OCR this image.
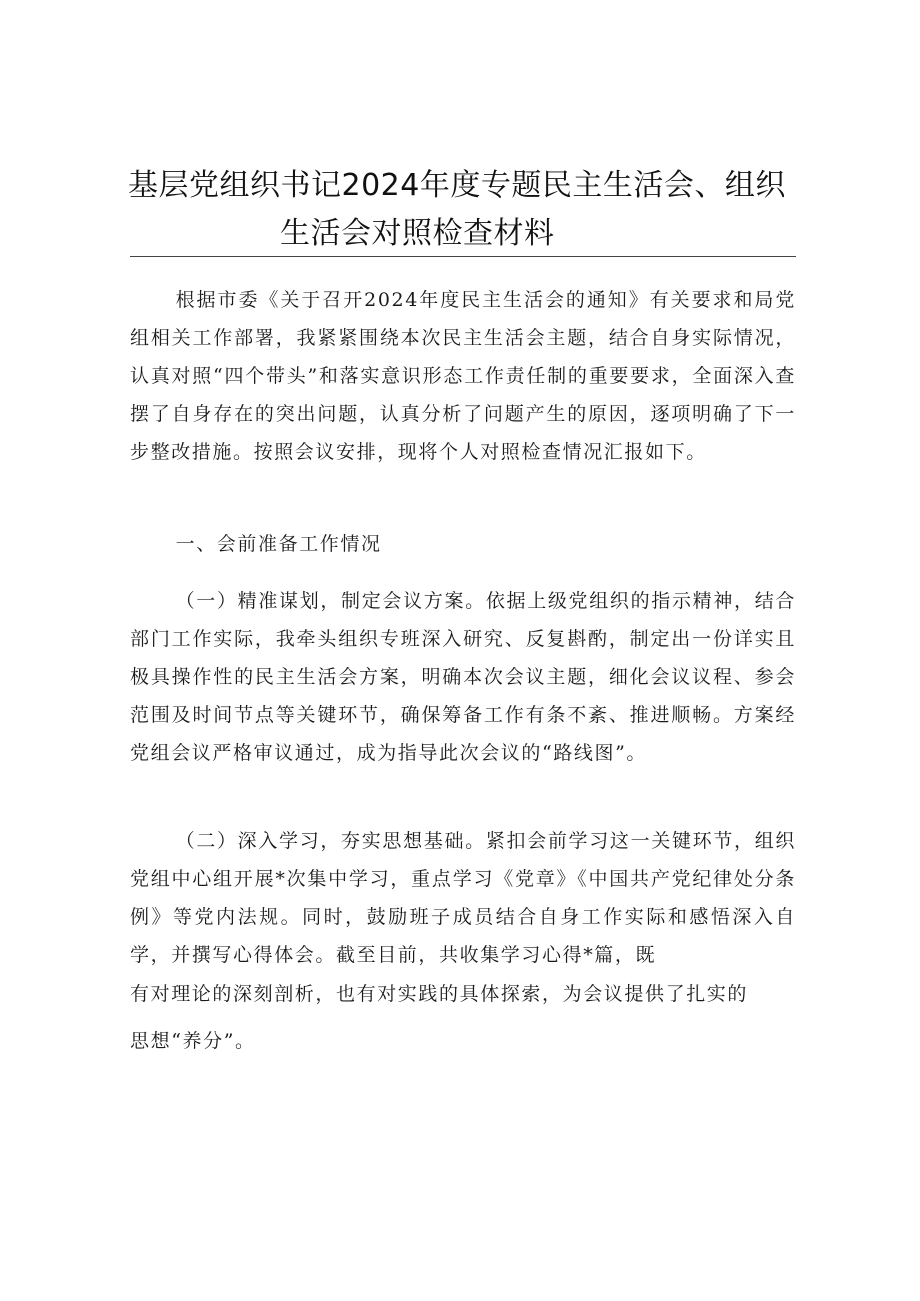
基层党组织书记2024年度专题民主生活会、组织
生活会对照检查材料

根据市委《关于召开2024年度民主生活会的通知》有关要求和局党组相关工作部署，我紧紧围绕本次民主生活会主题，结合自身实际情况，认真对照“四个带头”和落实意识形态工作责任制的重要要求，全面深入查摆了自身存在的突出问题，认真分析了问题产生的原因，逐项明确了下一步整改措施。按照会议安排，现将个人对照检查情况汇报如下。

一、会前准备工作情况

（一）精准谋划，制定会议方案。依据上级党组织的指示精神，结合部门工作实际，我牵头组织专班深入研究、反复斟酌，制定出一份详实且极具操作性的民主生活会方案，明确本次会议主题，细化会议议程、参会范围及时间节点等关键环节，确保筹备工作有条不紊、推进顺畅。方案经党组会议严格审议通过，成为指导此次会议的“路线图”。

（二）深入学习，夯实思想基础。紧扣会前学习这一关键环节，组织党组中心组开展*次集中学习，重点学习《党章》《中国共产党纪律处分条例》等党内法规。同时，鼓励班子成员结合自身工作实际和感悟深入自学，并撰写心得体会。截至目前，共收集学习心得*篇，既

有对理论的深刻剖析，也有对实践的具体探索，为会议提供了扎实的
思想“养分”。
